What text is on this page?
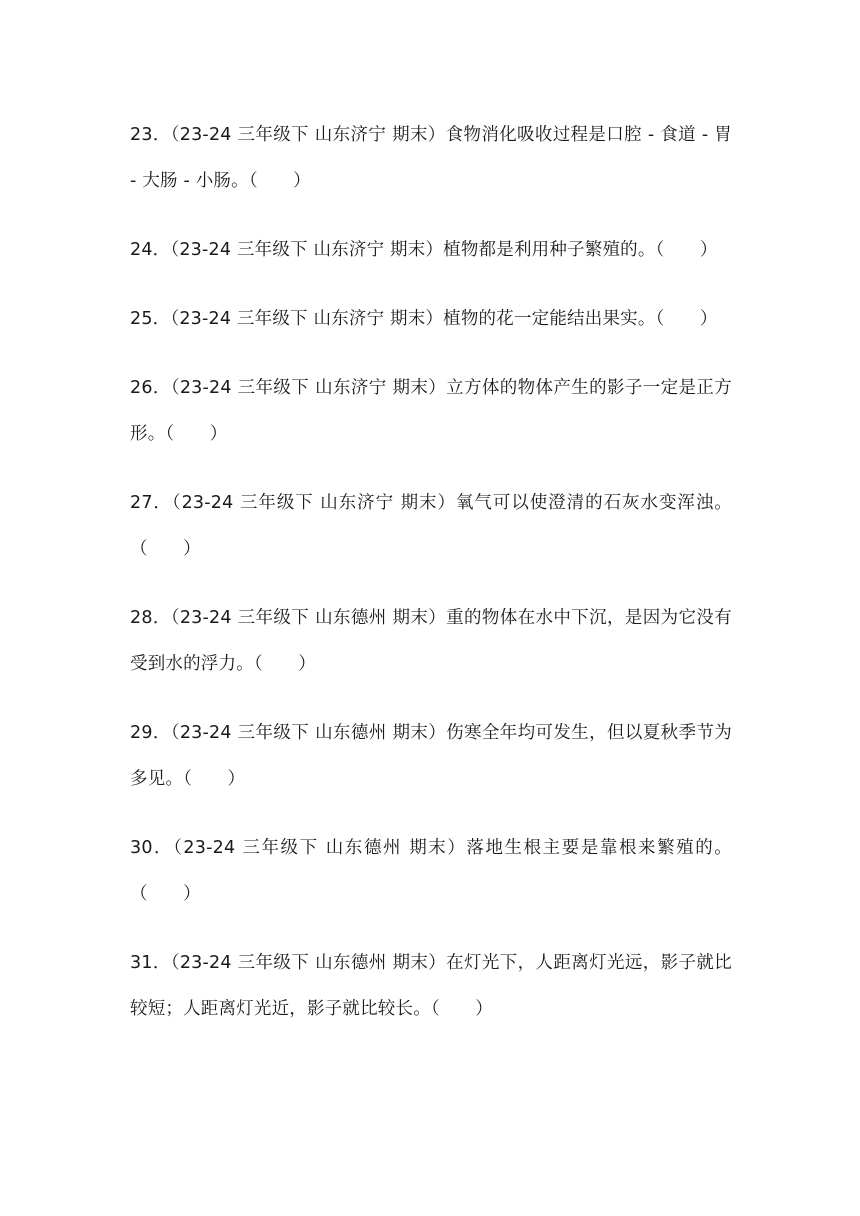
23．（23-24 三年级下 山东济宁 期末）食物消化吸收过程是口腔 - 食道 - 胃 - 大肠 - 小肠。（　　）

24．（23-24 三年级下 山东济宁 期末）植物都是利用种子繁殖的。（　　）

25．（23-24 三年级下 山东济宁 期末）植物的花一定能结出果实。（　　）

26．（23-24 三年级下 山东济宁 期末）立方体的物体产生的影子一定是正方形。（　　）

27．（23-24 三年级下 山东济宁 期末）氧气可以使澄清的石灰水变浑浊。（　　）

28．（23-24 三年级下 山东德州 期末）重的物体在水中下沉，是因为它没有受到水的浮力。（　　）

29．（23-24 三年级下 山东德州 期末）伤寒全年均可发生，但以夏秋季节为多见。（　　）

30．（23-24 三年级下 山东德州 期末）落地生根主要是靠根来繁殖的。（　　）

31．（23-24 三年级下 山东德州 期末）在灯光下，人距离灯光远，影子就比较短；人距离灯光近，影子就比较长。（　　）
